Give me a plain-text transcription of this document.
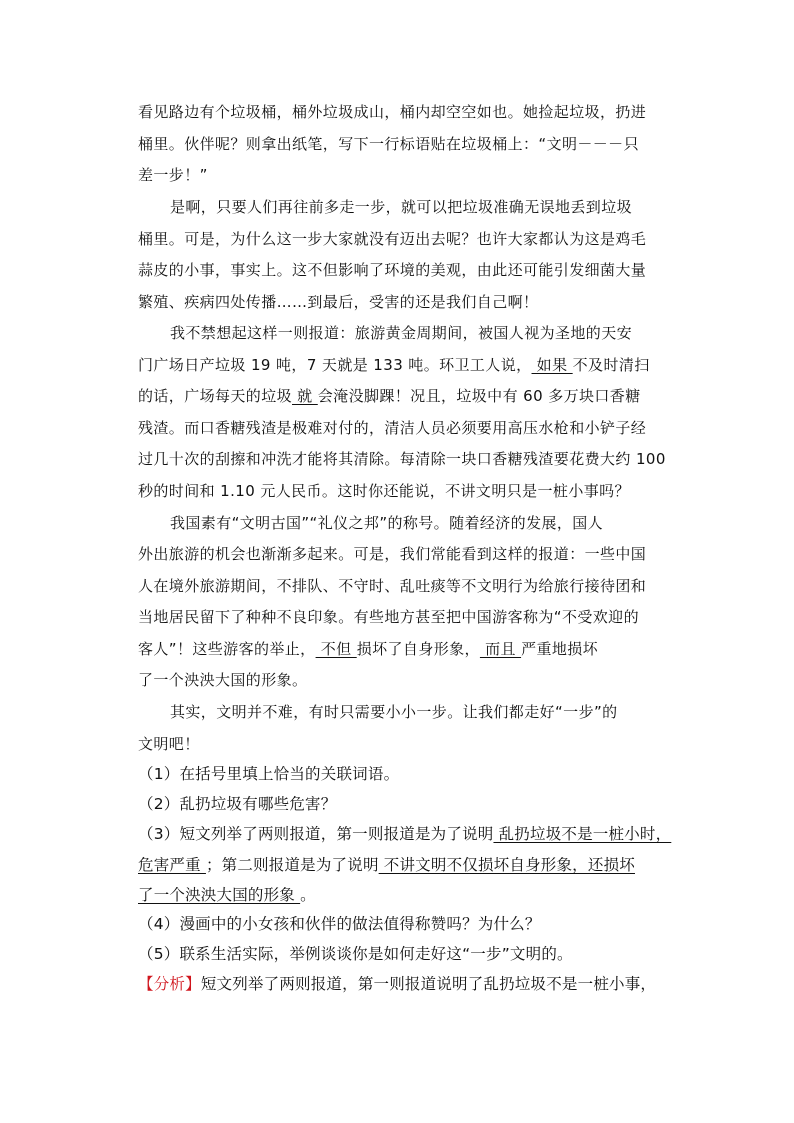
看见路边有个垃圾桶，桶外垃圾成山，桶内却空空如也。她捡起垃圾，扔进
桶里。伙伴呢？则拿出纸笔，写下一行标语贴在垃圾桶上：“文明－－－只
差一步！”
是啊，只要人们再往前多走一步，就可以把垃圾准确无误地丢到垃圾
桶里。可是，为什么这一步大家就没有迈出去呢？也许大家都认为这是鸡毛
蒜皮的小事，事实上。这不但影响了环境的美观，由此还可能引发细菌大量
繁殖、疾病四处传播……到最后，受害的还是我们自己啊！
我不禁想起这样一则报道：旅游黄金周期间，被国人视为圣地的天安
门广场日产垃圾 19 吨，7 天就是 133 吨。环卫工人说， 如果 不及时清扫
的话，广场每天的垃圾 就 会淹没脚踝！况且，垃圾中有 60 多万块口香糖
残渣。而口香糖残渣是极难对付的，清洁人员必须要用高压水枪和小铲子经
过几十次的刮擦和冲洗才能将其清除。每清除一块口香糖残渣要花费大约 100
秒的时间和 1.10 元人民币。这时你还能说，不讲文明只是一桩小事吗？
我国素有“文明古国”“礼仪之邦”的称号。随着经济的发展，国人
外出旅游的机会也渐渐多起来。可是，我们常能看到这样的报道：一些中国
人在境外旅游期间，不排队、不守时、乱吐痰等不文明行为给旅行接待团和
当地居民留下了种种不良印象。有些地方甚至把中国游客称为“不受欢迎的
客人”！这些游客的举止， 不但 损坏了自身形象， 而且 严重地损坏
了一个泱泱大国的形象。
其实，文明并不难，有时只需要小小一步。让我们都走好“一步”的
文明吧！
（1）在括号里填上恰当的关联词语。
（2）乱扔垃圾有哪些危害？
（3）短文列举了两则报道，第一则报道是为了说明 乱扔垃圾不是一桩小时，
危害严重 ；第二则报道是为了说明 不讲文明不仅损坏自身形象，还损坏
了一个泱泱大国的形象 。
（4）漫画中的小女孩和伙伴的做法值得称赞吗？为什么？
（5）联系生活实际，举例谈谈你是如何走好这“一步”文明的。
【分析】短文列举了两则报道，第一则报道说明了乱扔垃圾不是一桩小事，
